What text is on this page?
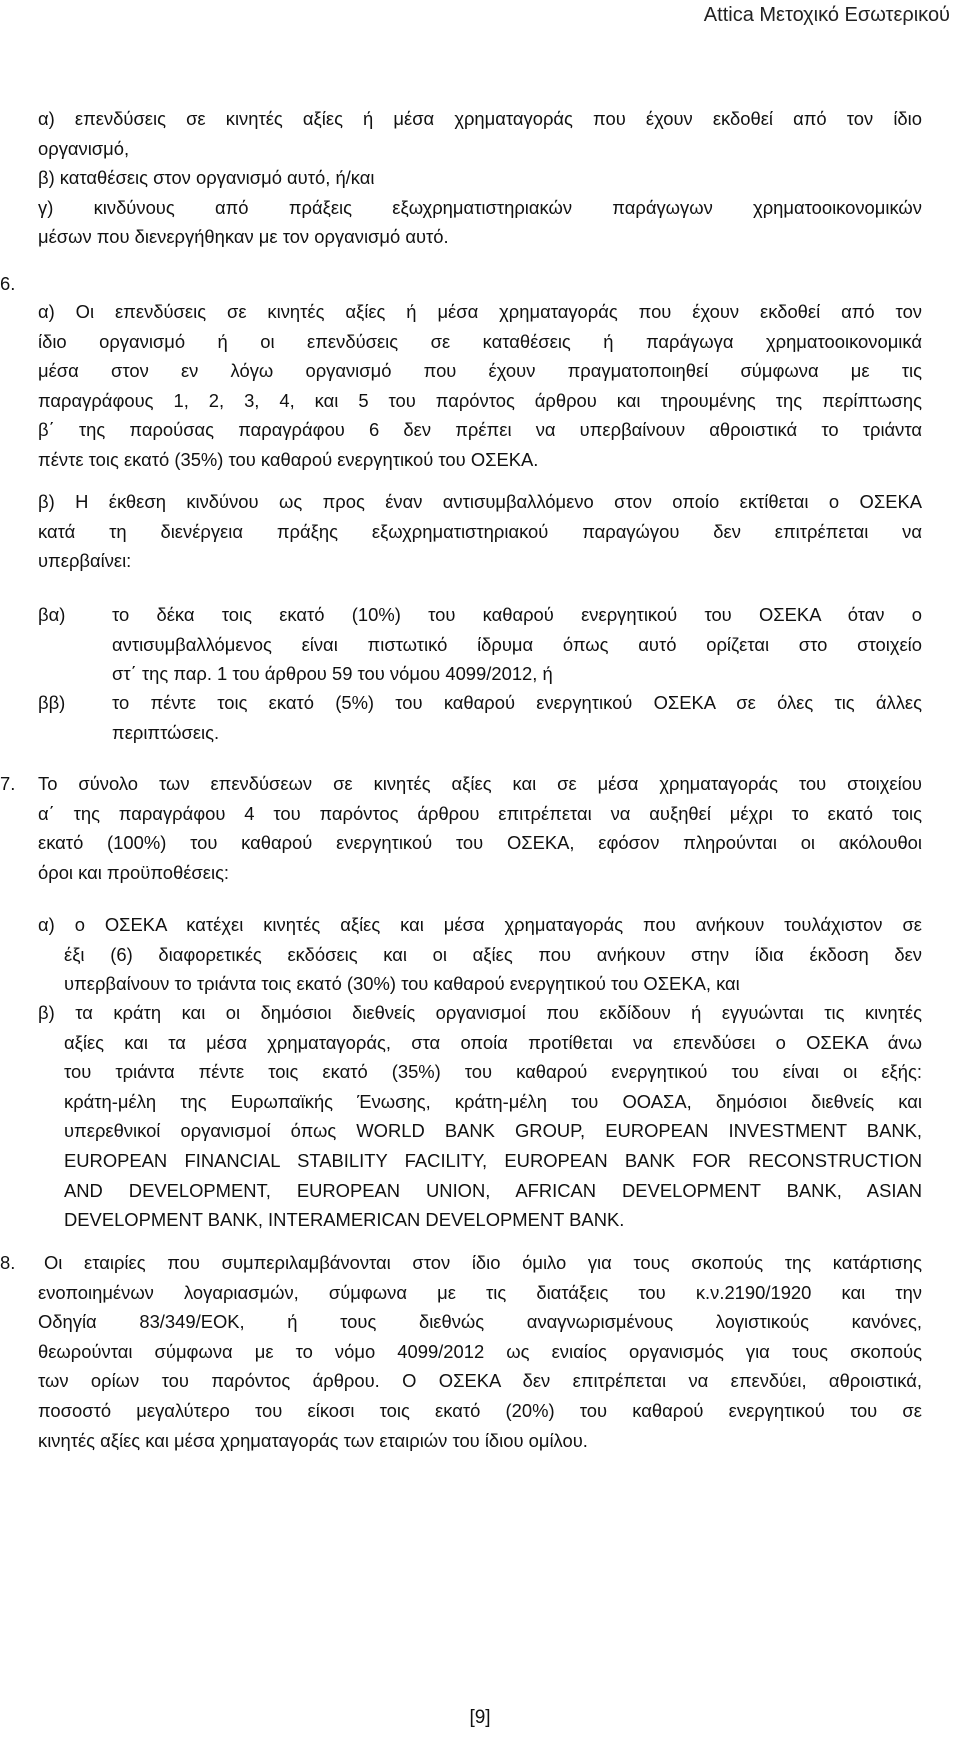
Attica Μετοχικό Εσωτερικού
α) επενδύσεις σε κινητές αξίες ή μέσα χρηματαγοράς που έχουν εκδοθεί από τον ίδιο
οργανισμό,
β) καταθέσεις στον οργανισμό αυτό, ή/και
γ) κινδύνους από πράξεις εξωχρηματιστηριακών παράγωγων χρηματοοικονομικών
μέσων που διενεργήθηκαν με τον οργανισμό αυτό.
6.
α) Οι επενδύσεις σε κινητές αξίες ή μέσα χρηματαγοράς που έχουν εκδοθεί από τον
ίδιο οργανισμό ή οι επενδύσεις σε καταθέσεις ή παράγωγα χρηματοοικονομικά
μέσα στον εν λόγω οργανισμό που έχουν πραγματοποιηθεί σύμφωνα με τις
παραγράφους 1, 2, 3, 4, και 5 του παρόντος άρθρου και τηρουμένης της περίπτωσης
β΄ της παρούσας παραγράφου 6 δεν πρέπει να υπερβαίνουν αθροιστικά το τριάντα
πέντε τοις εκατό (35%) του καθαρού ενεργητικού του ΟΣΕΚΑ.
β) Η έκθεση κινδύνου ως προς έναν αντισυμβαλλόμενο στον οποίο εκτίθεται ο ΟΣΕΚΑ
κατά τη διενέργεια πράξης εξωχρηματιστηριακού παραγώγου δεν επιτρέπεται να
υπερβαίνει:
βα)	το δέκα τοις εκατό (10%) του καθαρού ενεργητικού του ΟΣΕΚΑ όταν ο
αντισυμβαλλόμενος είναι πιστωτικό ίδρυμα όπως αυτό ορίζεται στο στοιχείο
στ΄ της παρ. 1 του άρθρου 59 του νόμου 4099/2012, ή
ββ)	το πέντε τοις εκατό (5%) του καθαρού ενεργητικού ΟΣΕΚΑ σε όλες τις άλλες
περιπτώσεις.
7. Το σύνολο των επενδύσεων σε κινητές αξίες και σε μέσα χρηματαγοράς του στοιχείου
α΄ της παραγράφου 4 του παρόντος άρθρου επιτρέπεται να αυξηθεί μέχρι το εκατό τοις
εκατό (100%) του καθαρού ενεργητικού του ΟΣΕΚΑ, εφόσον πληρούνται οι ακόλουθοι
όροι και προϋποθέσεις:
α) ο ΟΣΕΚΑ κατέχει κινητές αξίες και μέσα χρηματαγοράς που ανήκουν τουλάχιστον σε
έξι (6) διαφορετικές εκδόσεις και οι αξίες που ανήκουν στην ίδια έκδοση δεν
υπερβαίνουν το τριάντα τοις εκατό (30%) του καθαρού ενεργητικού του ΟΣΕΚΑ, και
β) τα κράτη και οι δημόσιοι διεθνείς οργανισμοί που εκδίδουν ή εγγυώνται τις κινητές
αξίες και τα μέσα χρηματαγοράς, στα οποία προτίθεται να επενδύσει ο ΟΣΕΚΑ άνω
του τριάντα πέντε τοις εκατό (35%) του καθαρού ενεργητικού του είναι οι εξής:
κράτη-μέλη της Ευρωπαϊκής Ένωσης, κράτη-μέλη του ΟΟΑΣΑ, δημόσιοι διεθνείς και
υπερεθνικοί οργανισμοί όπως WORLD BANK GROUP, EUROPEAN INVESTMENT BANK,
EUROPEAN FINANCIAL STABILITY FACILITY, EUROPEAN BANK FOR RECONSTRUCTION
AND DEVELOPMENT, EUROPEAN UNION, AFRICAN DEVELOPMENT BANK, ASIAN
DEVELOPMENT BANK, INTERAMERICAN DEVELOPMENT BANK.
8.	Οι εταιρίες που συμπεριλαμβάνονται στον ίδιο όμιλο για τους σκοπούς της κατάρτισης
ενοποιημένων λογαριασμών, σύμφωνα με τις διατάξεις του κ.ν.2190/1920 και την
Οδηγία 83/349/ΕΟΚ, ή τους διεθνώς αναγνωρισμένους λογιστικούς κανόνες,
θεωρούνται σύμφωνα με το νόμο 4099/2012 ως ενιαίος οργανισμός για τους σκοπούς
των ορίων του παρόντος άρθρου. Ο ΟΣΕΚΑ δεν επιτρέπεται να επενδύει, αθροιστικά,
ποσοστό μεγαλύτερο του είκοσι τοις εκατό (20%) του καθαρού ενεργητικού του σε
κινητές αξίες και μέσα χρηματαγοράς των εταιριών του ίδιου ομίλου.
[9]
